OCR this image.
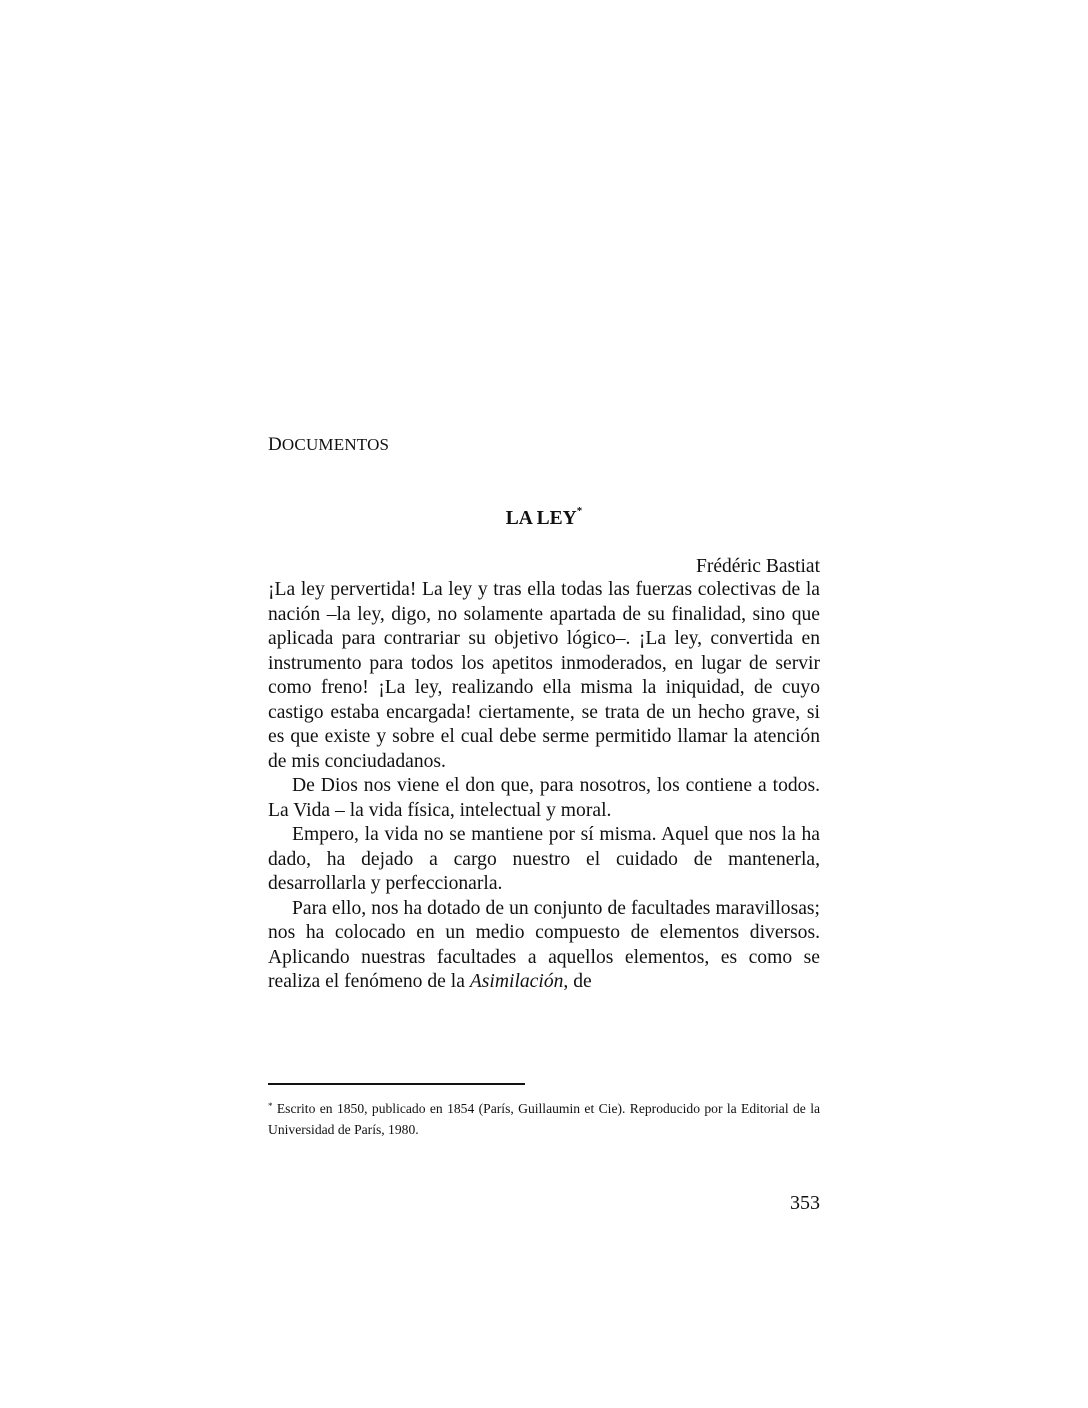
DOCUMENTOS
LA LEY*
Frédéric Bastiat

¡La ley pervertida! La ley y tras ella todas las fuerzas colectivas de la nación –la ley, digo, no solamente apartada de su finalidad, sino que aplicada para contrariar su objetivo lógico–. ¡La ley, convertida en instrumento para todos los apetitos inmoderados, en lugar de servir como freno! ¡La ley, realizando ella misma la iniquidad, de cuyo castigo estaba encargada! ciertamente, se trata de un hecho grave, si es que existe y sobre el cual debe serme permitido llamar la atención de mis conciudadanos.

De Dios nos viene el don que, para nosotros, los contiene a todos. La Vida – la vida física, intelectual y moral.

Empero, la vida no se mantiene por sí misma. Aquel que nos la ha dado, ha dejado a cargo nuestro el cuidado de mantenerla, desarrollarla y perfeccionarla.

Para ello, nos ha dotado de un conjunto de facultades maravillosas; nos ha colocado en un medio compuesto de elementos diversos. Aplicando nuestras facultades a aquellos elementos, es como se realiza el fenómeno de la Asimilación, de

* Escrito en 1850, publicado en 1854 (París, Guillaumin et Cie). Reproducido por la Editorial de la Universidad de París, 1980.
353
